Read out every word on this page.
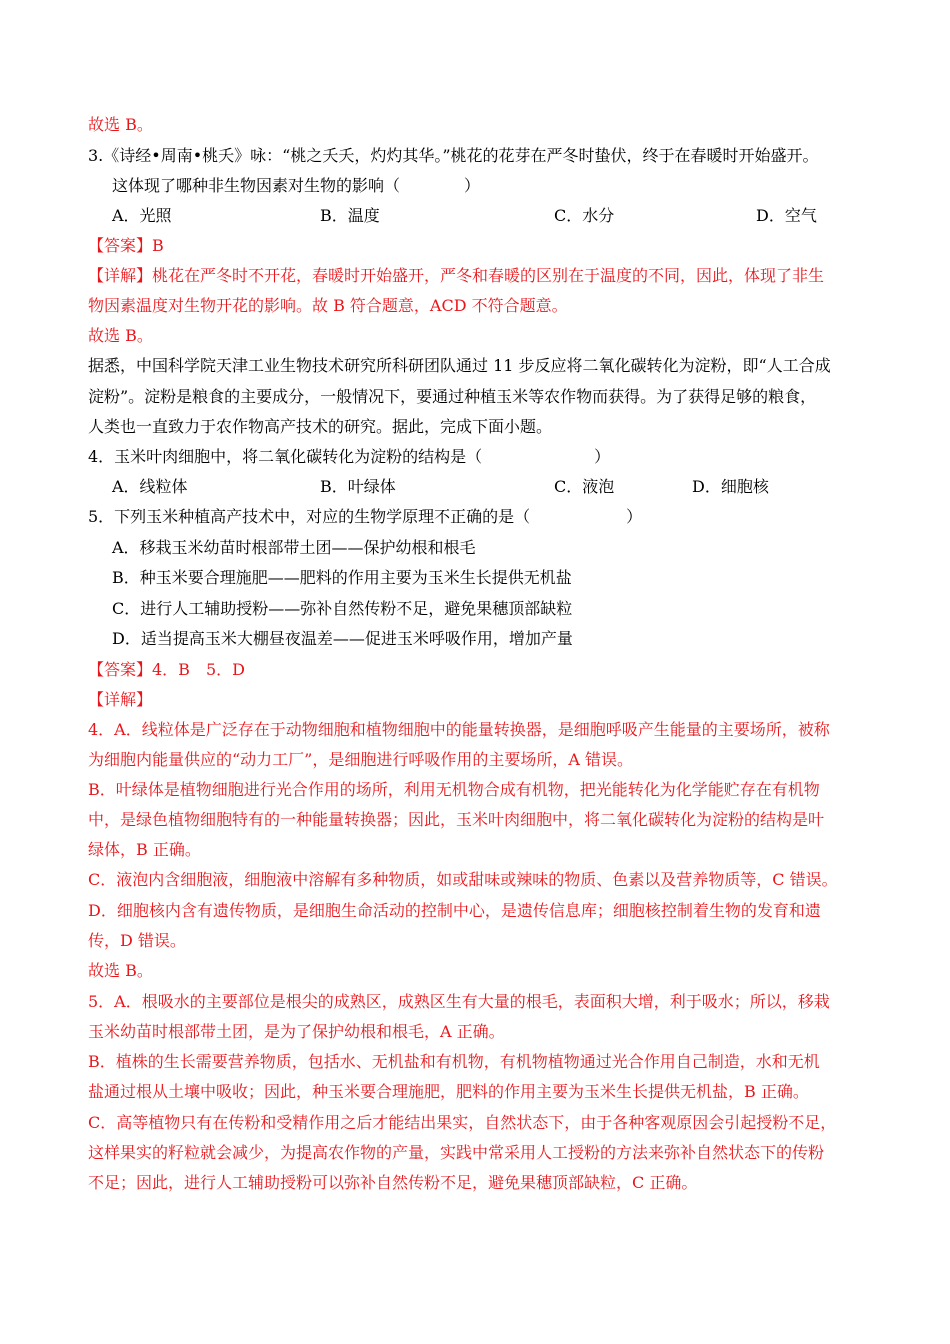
故选 B。
3.《诗经•周南•桃夭》咏：“桃之夭夭，灼灼其华。”桃花的花芽在严冬时蛰伏，终于在春暖时开始盛开。
这体现了哪种非生物因素对生物的影响（　　　　）
A．光照	B．温度	C．水分	D．空气
【答案】B
【详解】桃花在严冬时不开花，春暖时开始盛开，严冬和春暖的区别在于温度的不同，因此，体现了非生
物因素温度对生物开花的影响。故 B 符合题意，ACD 不符合题意。
故选 B。
据悉，中国科学院天津工业生物技术研究所科研团队通过 11 步反应将二氧化碳转化为淀粉，即“人工合成
淀粉”。淀粉是粮食的主要成分，一般情况下，要通过种植玉米等农作物而获得。为了获得足够的粮食，
人类也一直致力于农作物高产技术的研究。据此，完成下面小题。
4．玉米叶肉细胞中，将二氧化碳转化为淀粉的结构是（　　　　　　　）
A．线粒体	B．叶绿体	C．液泡	D．细胞核
5．下列玉米种植高产技术中，对应的生物学原理不正确的是（　　　　　　）
A．移栽玉米幼苗时根部带土团——保护幼根和根毛
B．种玉米要合理施肥——肥料的作用主要为玉米生长提供无机盐
C．进行人工辅助授粉——弥补自然传粉不足，避免果穗顶部缺粒
D．适当提高玉米大棚昼夜温差——促进玉米呼吸作用，增加产量
【答案】4．B　5．D
【详解】
4．A．线粒体是广泛存在于动物细胞和植物细胞中的能量转换器，是细胞呼吸产生能量的主要场所，被称
为细胞内能量供应的“动力工厂”，是细胞进行呼吸作用的主要场所，A 错误。
B．叶绿体是植物细胞进行光合作用的场所，利用无机物合成有机物，把光能转化为化学能贮存在有机物
中，是绿色植物细胞特有的一种能量转换器；因此，玉米叶肉细胞中，将二氧化碳转化为淀粉的结构是叶
绿体，B 正确。
C．液泡内含细胞液，细胞液中溶解有多种物质，如或甜味或辣味的物质、色素以及营养物质等，C 错误。
D．细胞核内含有遗传物质，是细胞生命活动的控制中心，是遗传信息库；细胞核控制着生物的发育和遗
传，D 错误。
故选 B。
5．A．根吸水的主要部位是根尖的成熟区，成熟区生有大量的根毛，表面积大增，利于吸水；所以，移栽
玉米幼苗时根部带土团，是为了保护幼根和根毛，A 正确。
B．植株的生长需要营养物质，包括水、无机盐和有机物，有机物植物通过光合作用自己制造，水和无机
盐通过根从土壤中吸收；因此，种玉米要合理施肥，肥料的作用主要为玉米生长提供无机盐，B 正确。
C．高等植物只有在传粉和受精作用之后才能结出果实，自然状态下，由于各种客观原因会引起授粉不足，
这样果实的籽粒就会减少，为提高农作物的产量，实践中常采用人工授粉的方法来弥补自然状态下的传粉
不足；因此，进行人工辅助授粉可以弥补自然传粉不足，避免果穗顶部缺粒，C 正确。
